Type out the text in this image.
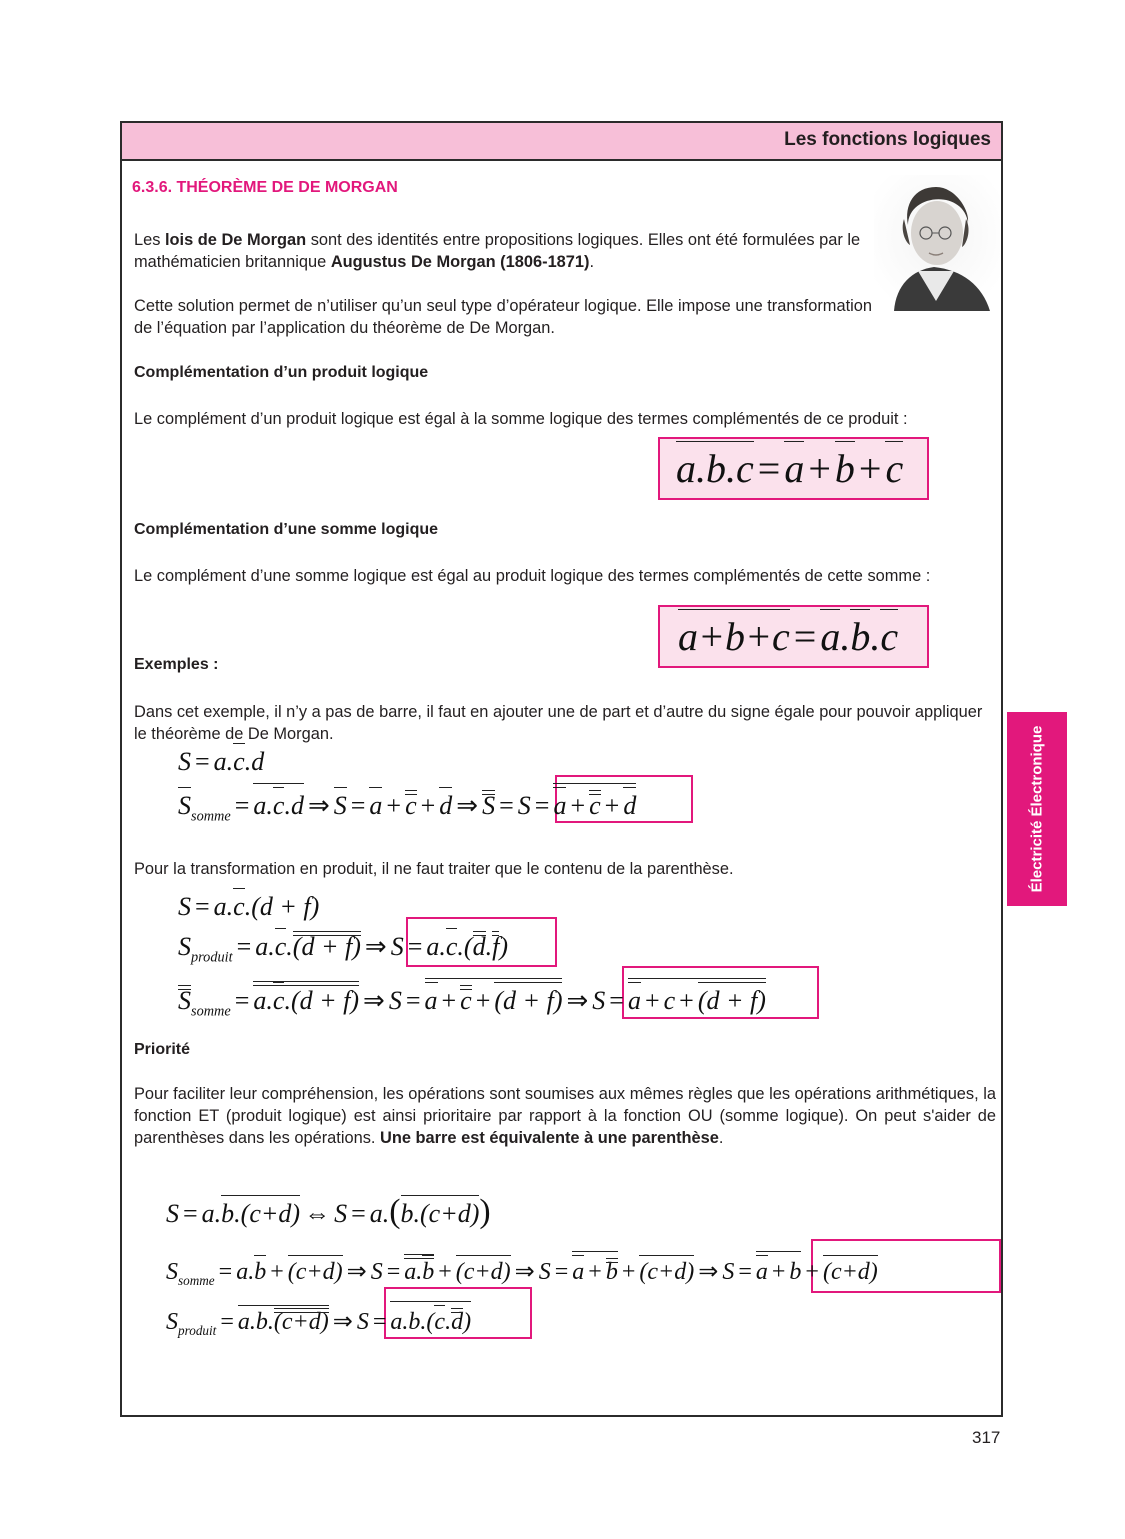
Les fonctions logiques
6.3.6. THÉORÈME DE DE MORGAN
Les lois de De Morgan sont des identités entre propositions logiques. Elles ont été formulées par le mathématicien britannique Augustus De Morgan (1806-1871).
Cette solution permet de n’utiliser qu’un seul type d’opérateur logique. Elle impose une transformation de l’équation par l’application du théorème de De Morgan.
Complémentation d’un produit logique
Le complément d’un produit logique est égal à la somme logique des termes complémentés de ce produit :
a.b.c = a + b + c
Complémentation d’une somme logique
Le complément d’une somme logique est égal au produit logique des termes complémentés de cette somme :
a+b+c = a.b.c
Exemples :
Dans cet exemple, il n’y a pas de barre, il faut en ajouter une de part et d’autre du signe égale pour pouvoir appliquer le théorème de De Morgan.
S = a.c.d
$S_{somme} = a.c.d$ ⇒ S = a + c + d ⇒ S = S = a + c + d
Pour la transformation en produit, il ne faut traiter que le contenu de la parenthèse.
S = a.c.(d + f)
$S_{produit} = a.c.(d + f)$ ⇒ S = a.c.(d.f)
$S_{somme} = a.c.(d + f)$ ⇒ S = a + c + (d + f) ⇒ S = a + c + (d + f)
Priorité
Pour faciliter leur compréhension, les opérations sont soumises aux mêmes règles que les opérations arithmétiques, la fonction ET (produit logique) est ainsi prioritaire par rapport à la fonction OU (somme logique). On peut s'aider de parenthèses dans les opérations. Une barre est équivalente à une parenthèse.
S = a.b.(c+d) ⇔ S = a.(b.(c+d))
$S_{somme} = a.b + (c+d)$ ⇒ S = a.b + (c+d) ⇒ S = a + b + (c+d) ⇒ S = a + b + (c+d)
$S_{produit} = a.b.(c+d)$ ⇒ S = a.b.(c.d)
Électricité Électronique
317
